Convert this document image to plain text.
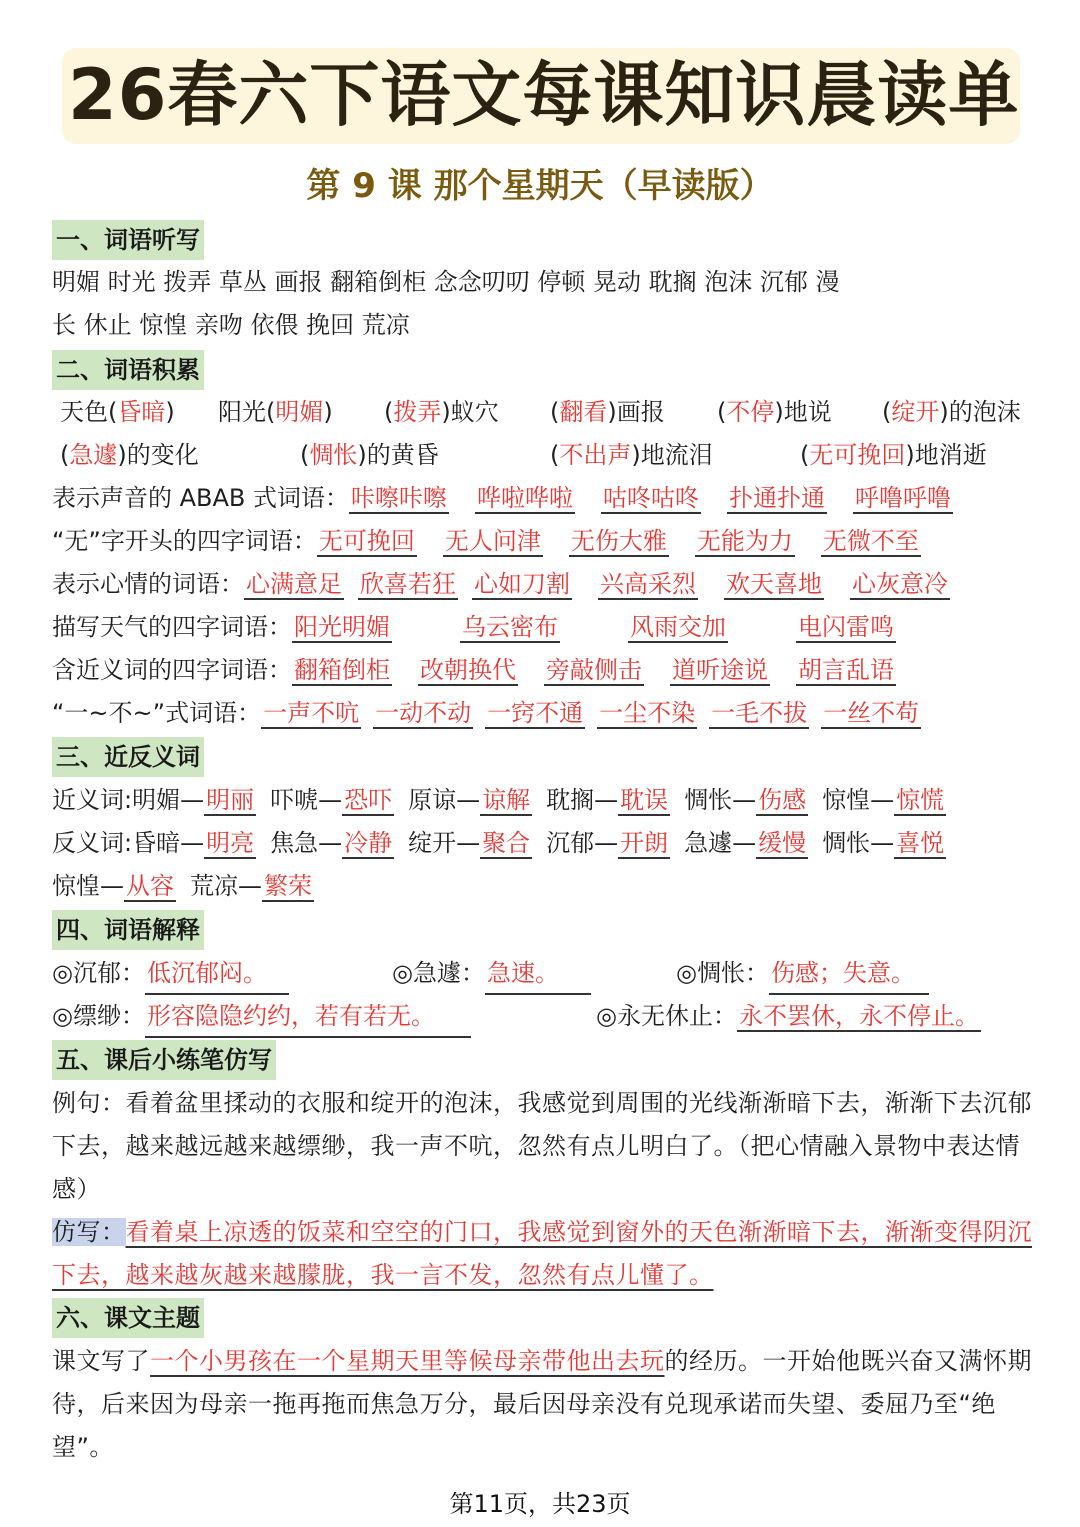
26春六下语文每课知识晨读单
第 9 课 那个星期天（早读版）
一、词语听写
明媚 时光 拨弄 草丛 画报 翻箱倒柜 念念叨叨 停顿 晃动 耽搁 泡沫 沉郁 漫
长 休止 惊惶 亲吻 依偎 挽回 荒凉
二、词语积累
天色(昏暗) 阳光(明媚) (拨弄)蚁穴 (翻看)画报 (不停)地说 (绽开)的泡沫
(急遽)的变化	(惆怅)的黄昏	(不出声)地流泪	(无可挽回)地消逝
表示声音的 ABAB 式词语：咔嚓咔嚓 哗啦哗啦 咕咚咕咚 扑通扑通 呼噜呼噜
“无”字开头的四字词语：无可挽回 无人问津 无伤大雅 无能为力 无微不至
表示心情的词语：心满意足 欣喜若狂 心如刀割 兴高采烈 欢天喜地 心灰意冷
描写天气的四字词语：阳光明媚	乌云密布	风雨交加	电闪雷鸣
含近义词的四字词语：翻箱倒柜 改朝换代 旁敲侧击 道听途说 胡言乱语
“一~不~”式词语：一声不吭 一动不动 一窍不通 一尘不染 一毛不拔 一丝不苟
三、近反义词
近义词:明媚—明丽 吓唬—恐吓 原谅—谅解 耽搁—耽误 惆怅—伤感 惊惶—惊慌
反义词:昏暗—明亮 焦急—冷静 绽开—聚合 沉郁—开朗 急遽—缓慢 惆怅—喜悦
惊惶—从容 荒凉—繁荣
四、词语解释
◎沉郁：低沉郁闷。	◎急遽：急速。	◎惆怅：伤感；失意。
◎缥缈：形容隐隐约约，若有若无。	◎永无休止：永不罢休，永不停止。
五、课后小练笔仿写

例句：看着盆里揉动的衣服和绽开的泡沫，我感觉到周围的光线渐渐暗下去，渐渐下去沉郁下去，越来越远越来越缥缈，我一声不吭，忽然有点儿明白了。（把心情融入景物中表达情感）

仿写：看着桌上凉透的饭菜和空空的门口，我感觉到窗外的天色渐渐暗下去，渐渐变得阴沉下去，越来越灰越来越朦胧，我一言不发，忽然有点儿懂了。

六、课文主题

课文写了一个小男孩在一个星期天里等候母亲带他出去玩的经历。一开始他既兴奋又满怀期待，后来因为母亲一拖再拖而焦急万分，最后因母亲没有兑现承诺而失望、委屈乃至“绝望”。

第11页，共23页
